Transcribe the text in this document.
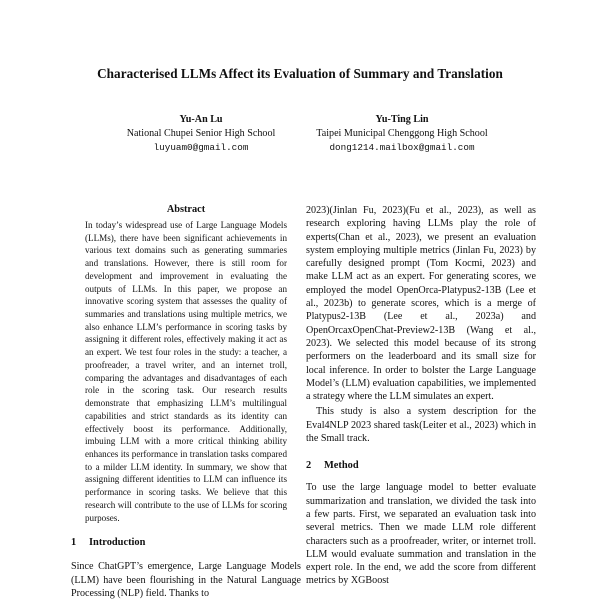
Characterised LLMs Affect its Evaluation of Summary and Translation
Yu-An Lu
National Chupei Senior High School
luyuam0@gmail.com
Yu-Ting Lin
Taipei Municipal Chenggong High School
dong1214.mailbox@gmail.com
Abstract

In today’s widespread use of Large Language Models (LLMs), there have been significant achievements in various text domains such as generating summaries and translations. However, there is still room for development and improvement in evaluating the outputs of LLMs. In this paper, we propose an innovative scoring system that assesses the quality of summaries and translations using multiple metrics, we also enhance LLM’s performance in scoring tasks by assigning it different roles, effectively making it act as an expert. We test four roles in the study: a teacher, a proofreader, a travel writer, and an internet troll, comparing the advantages and disadvantages of each role in the scoring task. Our research results demonstrate that emphasizing LLM’s multilingual capabilities and strict standards as its identity can effectively boost its performance. Additionally, imbuing LLM with a more critical thinking ability enhances its performance in translation tasks compared to a milder LLM identity. In summary, we show that assigning different identities to LLM can influence its performance in scoring tasks. We believe that this research will contribute to the use of LLMs for scoring purposes.

1 Introduction

Since ChatGPT’s emergence, Large Language Models (LLM) have been flourishing in the Natural Language Processing (NLP) field. Thanks to

2023)(Jinlan Fu, 2023)(Fu et al., 2023), as well as research exploring having LLMs play the role of experts(Chan et al., 2023), we present an evaluation system employing multiple metrics (Jinlan Fu, 2023) by carefully designed prompt (Tom Kocmi, 2023) and make LLM act as an expert. For generating scores, we employed the model OpenOrca-Platypus2-13B (Lee et al., 2023b) to generate scores, which is a merge of Platypus2-13B (Lee et al., 2023a) and OpenOrcaxOpenChat-Preview2-13B (Wang et al., 2023). We selected this model because of its strong performers on the leaderboard and its small size for local inference. In order to bolster the Large Language Model’s (LLM) evaluation capabilities, we implemented a strategy where the LLM simulates an expert.

This study is also a system description for the Eval4NLP 2023 shared task(Leiter et al., 2023) which in the Small track.

2 Method

To use the large language model to better evaluate summarization and translation, we divided the task into a few parts. First, we separated an evaluation task into several metrics. Then we made LLM role different characters such as a proofreader, writer, or internet troll. LLM would evaluate summation and translation in the expert role. In the end, we add the score from different metrics by XGBoost
